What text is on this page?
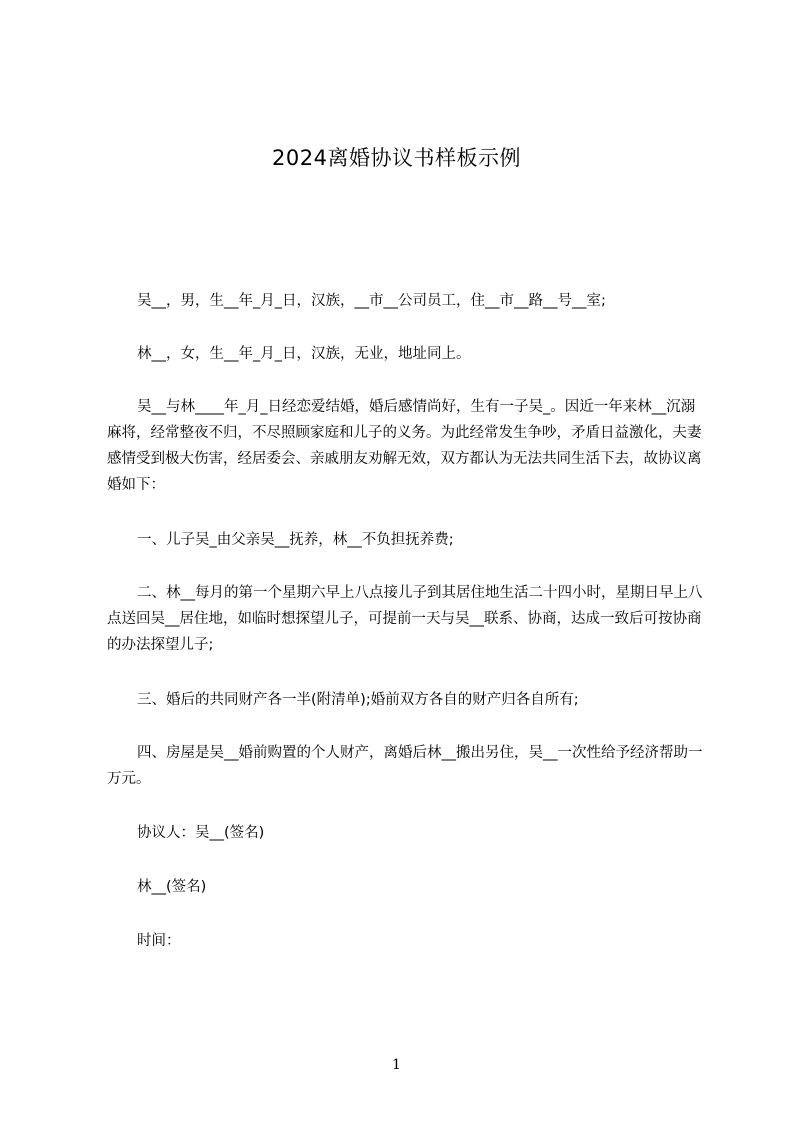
2024离婚协议书样板示例
吴__，男，生__年_月_日，汉族，__市__公司员工，住__市__路__号__室;
林__，女，生__年_月_日，汉族，无业，地址同上。
吴__与林____年_月_日经恋爱结婚，婚后感情尚好，生有一子吴_。因近一年来林__沉溺麻将，经常整夜不归，不尽照顾家庭和儿子的义务。为此经常发生争吵，矛盾日益激化，夫妻感情受到极大伤害，经居委会、亲戚朋友劝解无效，双方都认为无法共同生活下去，故协议离婚如下：
一、儿子吴_由父亲吴__抚养，林__不负担抚养费;
二、林__每月的第一个星期六早上八点接儿子到其居住地生活二十四小时，星期日早上八点送回吴__居住地，如临时想探望儿子，可提前一天与吴__联系、协商，达成一致后可按协商的办法探望儿子;
三、婚后的共同财产各一半(附清单);婚前双方各自的财产归各自所有;
四、房屋是吴__婚前购置的个人财产，离婚后林__搬出另住，吴__一次性给予经济帮助一万元。
协议人：吴__(签名)
林__(签名)
时间：
1
